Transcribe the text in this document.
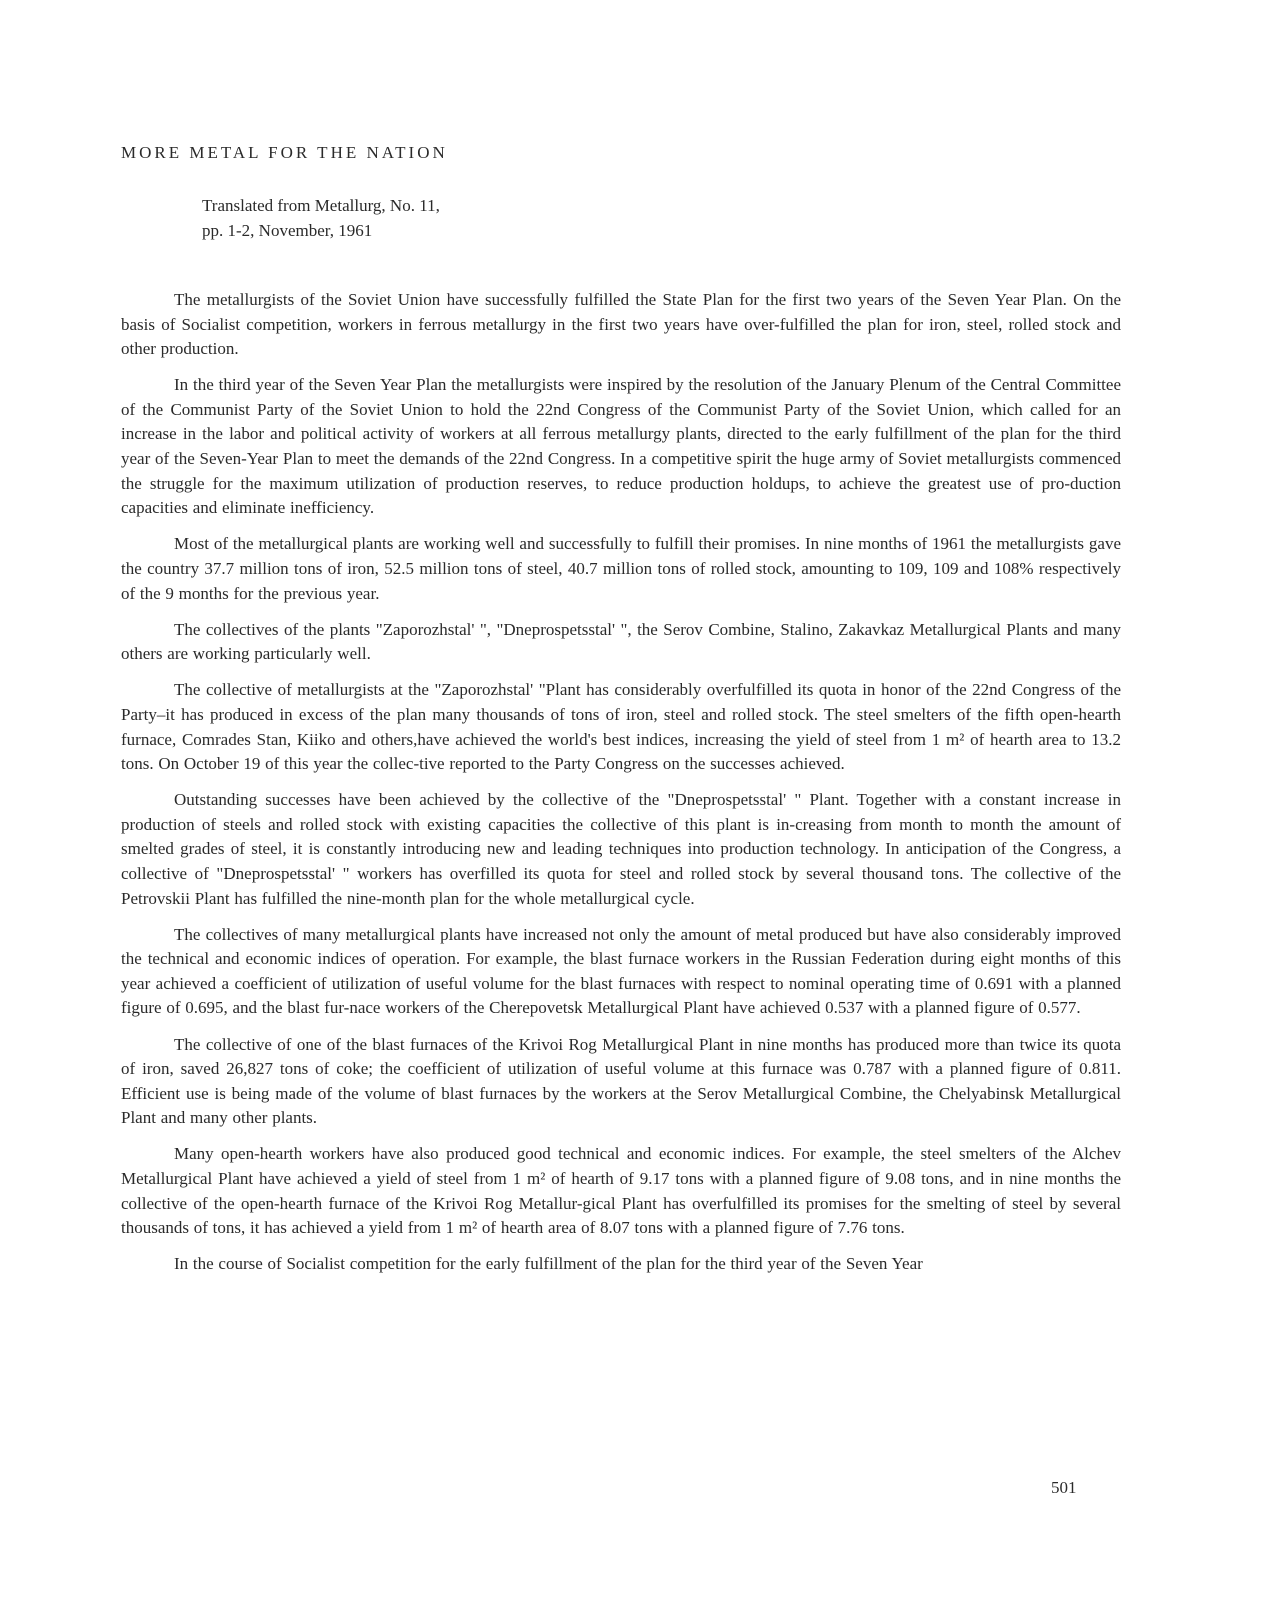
MORE METAL FOR THE NATION
Translated from Metallurg, No. 11,
pp. 1-2, November, 1961

The metallurgists of the Soviet Union have successfully fulfilled the State Plan for the first two years of the Seven Year Plan. On the basis of Socialist competition, workers in ferrous metallurgy in the first two years have over-fulfilled the plan for iron, steel, rolled stock and other production.

In the third year of the Seven Year Plan the metallurgists were inspired by the resolution of the January Plenum of the Central Committee of the Communist Party of the Soviet Union to hold the 22nd Congress of the Communist Party of the Soviet Union, which called for an increase in the labor and political activity of workers at all ferrous metallurgy plants, directed to the early fulfillment of the plan for the third year of the Seven-Year Plan to meet the demands of the 22nd Congress. In a competitive spirit the huge army of Soviet metallurgists commenced the struggle for the maximum utilization of production reserves, to reduce production holdups, to achieve the greatest use of pro-duction capacities and eliminate inefficiency.

Most of the metallurgical plants are working well and successfully to fulfill their promises. In nine months of 1961 the metallurgists gave the country 37.7 million tons of iron, 52.5 million tons of steel, 40.7 million tons of rolled stock, amounting to 109, 109 and 108% respectively of the 9 months for the previous year.

The collectives of the plants "Zaporozhstal' ", "Dneprospetsstal' ", the Serov Combine, Stalino, Zakavkaz Metallurgical Plants and many others are working particularly well.

The collective of metallurgists at the "Zaporozhstal' "Plant has considerably overfulfilled its quota in honor of the 22nd Congress of the Party–it has produced in excess of the plan many thousands of tons of iron, steel and rolled stock. The steel smelters of the fifth open-hearth furnace, Comrades Stan, Kiiko and others,have achieved the world's best indices, increasing the yield of steel from 1 m² of hearth area to 13.2 tons. On October 19 of this year the collec-tive reported to the Party Congress on the successes achieved.

Outstanding successes have been achieved by the collective of the "Dneprospetsstal' " Plant. Together with a constant increase in production of steels and rolled stock with existing capacities the collective of this plant is in-creasing from month to month the amount of smelted grades of steel, it is constantly introducing new and leading techniques into production technology. In anticipation of the Congress, a collective of "Dneprospetsstal' " workers has overfilled its quota for steel and rolled stock by several thousand tons. The collective of the Petrovskii Plant has fulfilled the nine-month plan for the whole metallurgical cycle.

The collectives of many metallurgical plants have increased not only the amount of metal produced but have also considerably improved the technical and economic indices of operation. For example, the blast furnace workers in the Russian Federation during eight months of this year achieved a coefficient of utilization of useful volume for the blast furnaces with respect to nominal operating time of 0.691 with a planned figure of 0.695, and the blast fur-nace workers of the Cherepovetsk Metallurgical Plant have achieved 0.537 with a planned figure of 0.577.

The collective of one of the blast furnaces of the Krivoi Rog Metallurgical Plant in nine months has produced more than twice its quota of iron, saved 26,827 tons of coke; the coefficient of utilization of useful volume at this furnace was 0.787 with a planned figure of 0.811. Efficient use is being made of the volume of blast furnaces by the workers at the Serov Metallurgical Combine, the Chelyabinsk Metallurgical Plant and many other plants.

Many open-hearth workers have also produced good technical and economic indices. For example, the steel smelters of the Alchev Metallurgical Plant have achieved a yield of steel from 1 m² of hearth of 9.17 tons with a planned figure of 9.08 tons, and in nine months the collective of the open-hearth furnace of the Krivoi Rog Metallur-gical Plant has overfulfilled its promises for the smelting of steel by several thousands of tons, it has achieved a yield from 1 m² of hearth area of 8.07 tons with a planned figure of 7.76 tons.

In the course of Socialist competition for the early fulfillment of the plan for the third year of the Seven Year

501
